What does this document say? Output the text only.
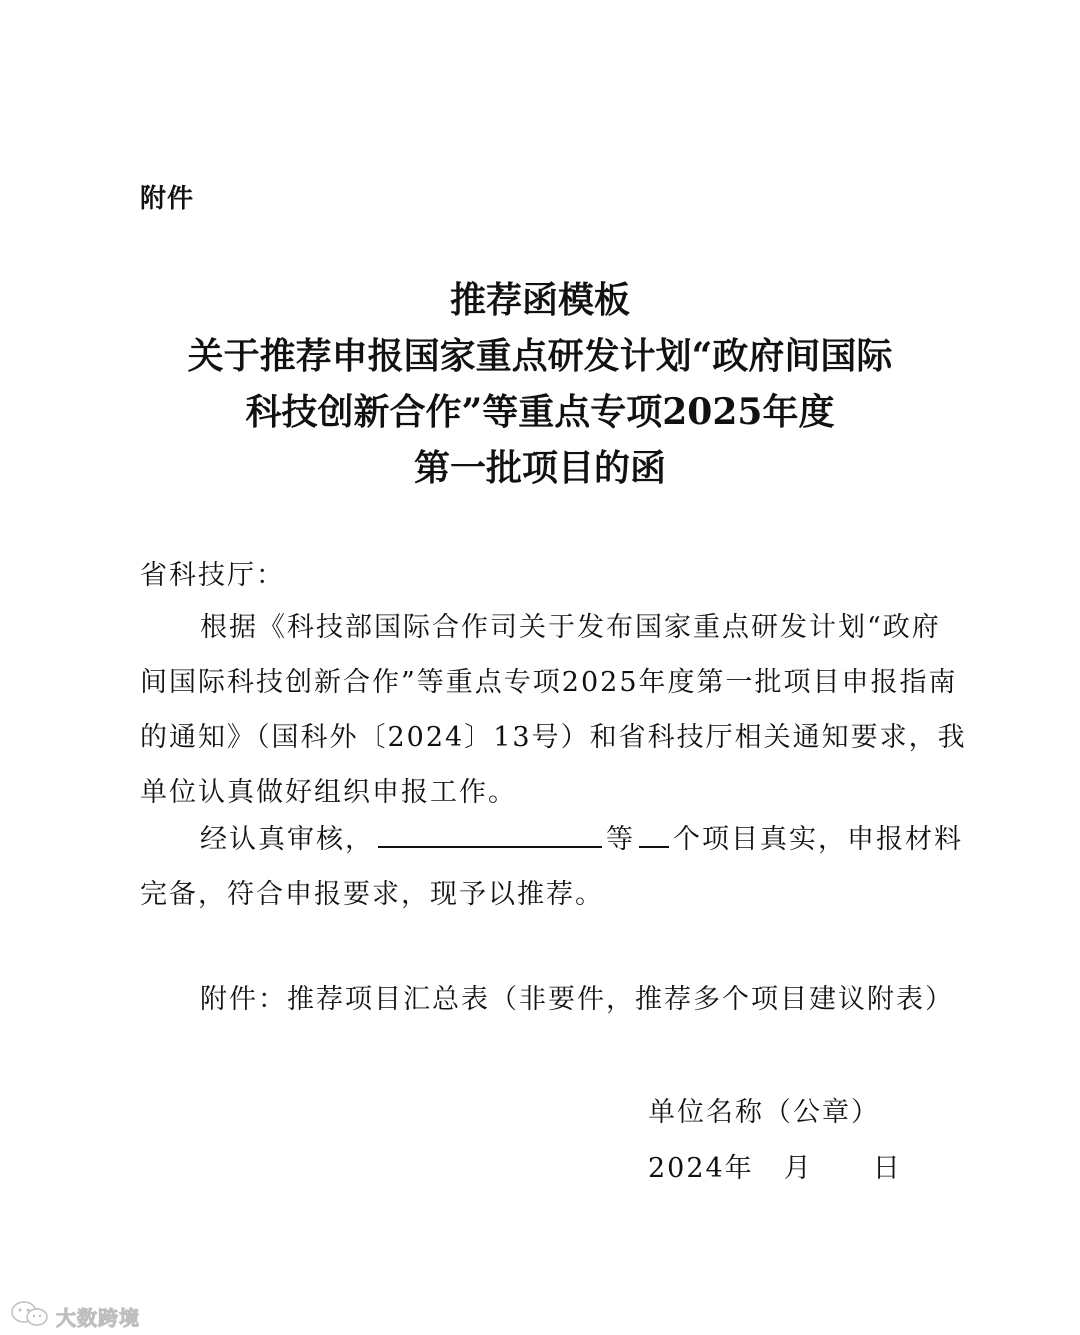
附件
推荐函模板
关于推荐申报国家重点研发计划“政府间国际
科技创新合作”等重点专项2025年度
第一批项目的函
省科技厅：
根据《科技部国际合作司关于发布国家重点研发计划“政府
间国际科技创新合作”等重点专项2025年度第一批项目申报指南
的通知》（国科外〔2024〕13号）和省科技厅相关通知要求，我
单位认真做好组织申报工作。
经认真审核，	等 个项目真实，申报材料
完备，符合申报要求，现予以推荐。
附件：推荐项目汇总表（非要件，推荐多个项目建议附表）
单位名称（公章）
2024年 月 日
大数跨境
